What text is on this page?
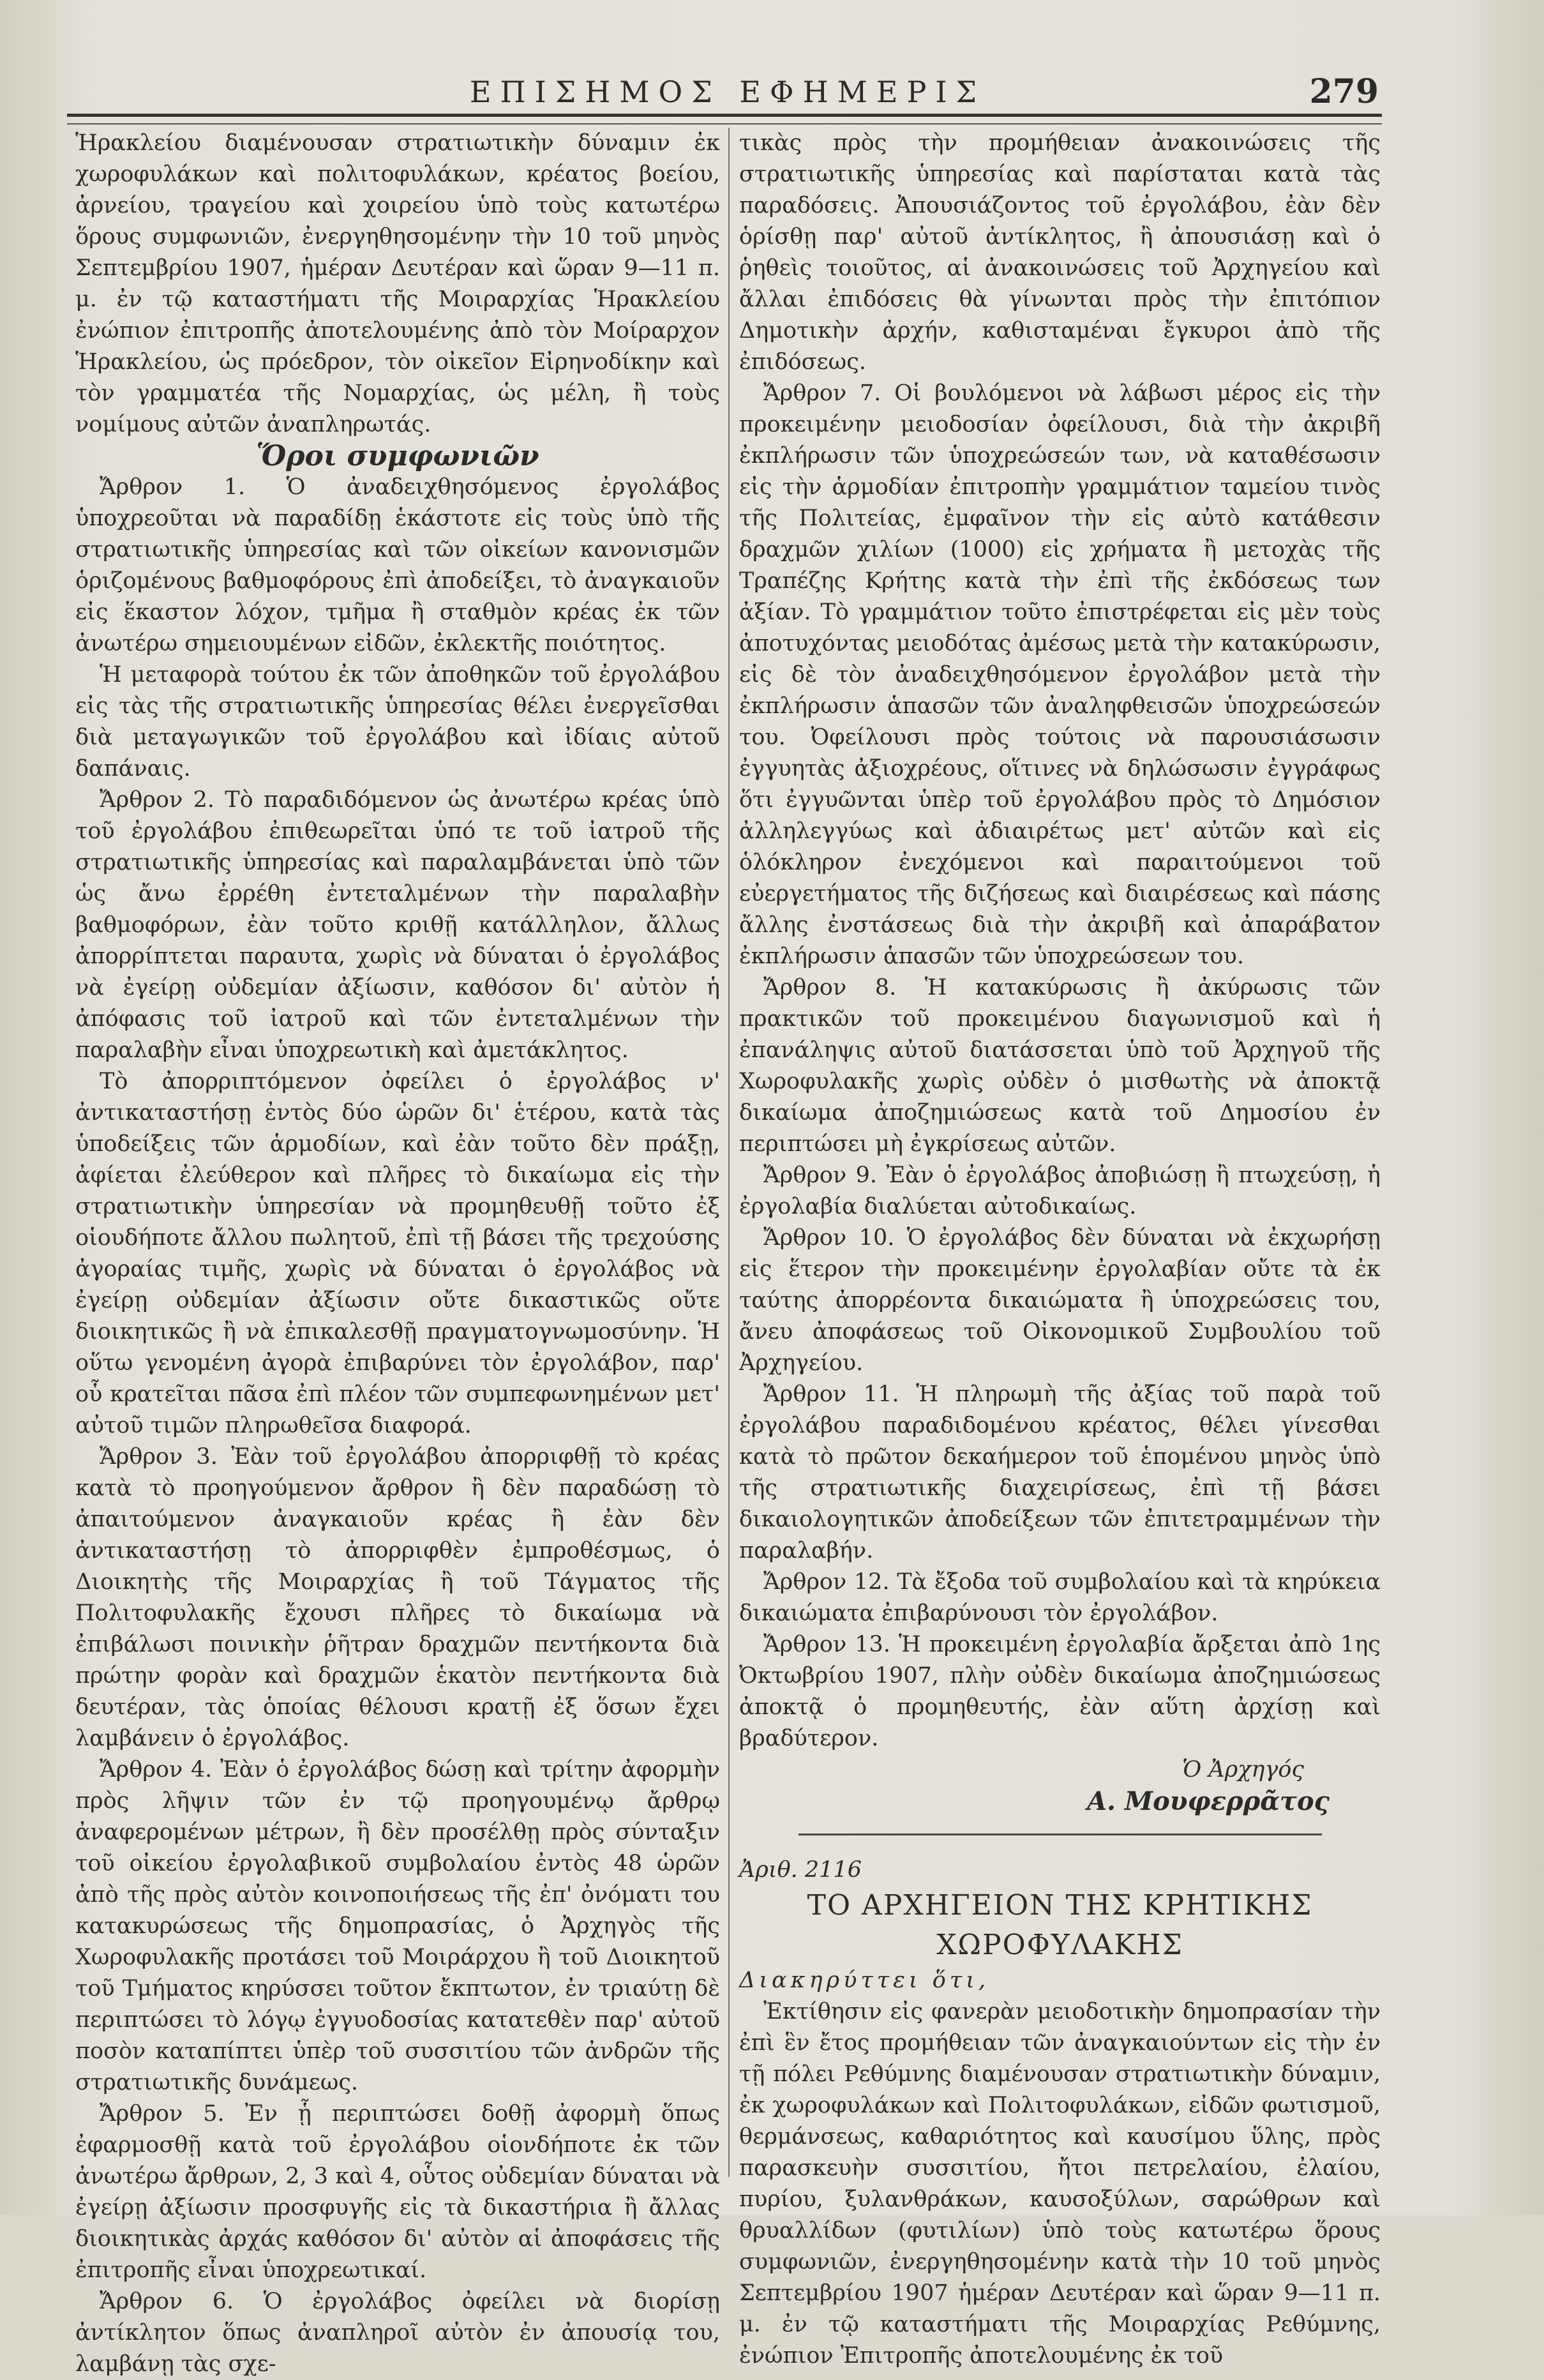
ΕΠΙΣΗΜΟΣ ΕΦΗΜΕΡΙΣ	279

Ἡρακλείου διαμένουσαν στρατιωτικὴν δύναμιν ἐκ χωροφυλάκων καὶ πολιτοφυλάκων, κρέατος βοείου, ἀρνείου, τραγείου καὶ χοιρείου ὑπὸ τοὺς κατωτέρω ὅρους συμφωνιῶν, ἐνεργηθησομένην τὴν 10 τοῦ μηνὸς Σεπτεμβρίου 1907, ἡμέραν Δευτέραν καὶ ὥραν 9—11 π. μ. ἐν τῷ καταστήματι τῆς Μοιραρχίας Ἡρακλείου ἐνώπιον ἐπιτροπῆς ἀποτελουμένης ἀπὸ τὸν Μοίραρχον Ἡρακλείου, ὡς πρόεδρον, τὸν οἰκεῖον Εἰρηνοδίκην καὶ τὸν γραμματέα τῆς Νομαρχίας, ὡς μέλη, ἢ τοὺς νομίμους αὐτῶν ἀναπληρωτάς.

Ὅροι συμφωνιῶν

Ἄρθρον 1. Ὁ ἀναδειχθησόμενος ἐργολάβος ὑποχρεοῦται νὰ παραδίδῃ ἑκάστοτε εἰς τοὺς ὑπὸ τῆς στρατιωτικῆς ὑπηρεσίας καὶ τῶν οἰκείων κανονισμῶν ὁριζομένους βαθμοφόρους ἐπὶ ἀποδείξει, τὸ ἀναγκαιοῦν εἰς ἕκαστον λόχον, τμῆμα ἢ σταθμὸν κρέας ἐκ τῶν ἀνωτέρω σημειουμένων εἰδῶν, ἐκλεκτῆς ποιότητος.

Ἡ μεταφορὰ τούτου ἐκ τῶν ἀποθηκῶν τοῦ ἐργολάβου εἰς τὰς τῆς στρατιωτικῆς ὑπηρεσίας θέλει ἐνεργεῖσθαι διὰ μεταγωγικῶν τοῦ ἐργολάβου καὶ ἰδίαις αὐτοῦ δαπάναις.

Ἄρθρον 2. Τὸ παραδιδόμενον ὡς ἀνωτέρω κρέας ὑπὸ τοῦ ἐργολάβου ἐπιθεωρεῖται ὑπό τε τοῦ ἰατροῦ τῆς στρατιωτικῆς ὑπηρεσίας καὶ παραλαμβάνεται ὑπὸ τῶν ὡς ἄνω ἐρρέθη ἐντεταλμένων τὴν παραλαβὴν βαθμοφόρων, ἐὰν τοῦτο κριθῇ κατάλληλον, ἄλλως ἀπορρίπτεται παραυτα, χωρὶς νὰ δύναται ὁ ἐργολάβος νὰ ἐγείρῃ οὐδεμίαν ἀξίωσιν, καθόσον δι' αὐτὸν ἡ ἀπόφασις τοῦ ἰατροῦ καὶ τῶν ἐντεταλμένων τὴν παραλαβὴν εἶναι ὑποχρεωτικὴ καὶ ἀμετάκλητος.

Τὸ ἀπορριπτόμενον ὀφείλει ὁ ἐργολάβος ν' ἀντικαταστήσῃ ἐντὸς δύο ὡρῶν δι' ἑτέρου, κατὰ τὰς ὑποδείξεις τῶν ἁρμοδίων, καὶ ἐὰν τοῦτο δὲν πράξῃ, ἀφίεται ἐλεύθερον καὶ πλῆρες τὸ δικαίωμα εἰς τὴν στρατιωτικὴν ὑπηρεσίαν νὰ προμηθευθῇ τοῦτο ἐξ οἱουδήποτε ἄλλου πωλητοῦ, ἐπὶ τῇ βάσει τῆς τρεχούσης ἀγοραίας τιμῆς, χωρὶς νὰ δύναται ὁ ἐργολάβος νὰ ἐγείρῃ οὐδεμίαν ἀξίωσιν οὔτε δικαστικῶς οὔτε διοικητικῶς ἢ νὰ ἐπικαλεσθῇ πραγματογνωμοσύνην. Ἡ οὕτω γενομένη ἀγορὰ ἐπιβαρύνει τὸν ἐργολάβον, παρ' οὗ κρατεῖται πᾶσα ἐπὶ πλέον τῶν συμπεφωνημένων μετ' αὐτοῦ τιμῶν πληρωθεῖσα διαφορά.

Ἄρθρον 3. Ἐὰν τοῦ ἐργολάβου ἀπορριφθῇ τὸ κρέας κατὰ τὸ προηγούμενον ἄρθρον ἢ δὲν παραδώσῃ τὸ ἀπαιτούμενον ἀναγκαιοῦν κρέας ἢ ἐὰν δὲν ἀντικαταστήσῃ τὸ ἀπορριφθὲν ἐμπροθέσμως, ὁ Διοικητὴς τῆς Μοιραρχίας ἢ τοῦ Τάγματος τῆς Πολιτοφυλακῆς ἔχουσι πλῆρες τὸ δικαίωμα νὰ ἐπιβάλωσι ποινικὴν ῥῆτραν δραχμῶν πεντήκοντα διὰ πρώτην φορὰν καὶ δραχμῶν ἑκατὸν πεντήκοντα διὰ δευτέραν, τὰς ὁποίας θέλουσι κρατῇ ἐξ ὅσων ἔχει λαμβάνειν ὁ ἐργολάβος.

Ἄρθρον 4. Ἐὰν ὁ ἐργολάβος δώσῃ καὶ τρίτην ἀφορμὴν πρὸς λῆψιν τῶν ἐν τῷ προηγουμένῳ ἄρθρῳ ἀναφερομένων μέτρων, ἢ δὲν προσέλθῃ πρὸς σύνταξιν τοῦ οἰκείου ἐργολαβικοῦ συμβολαίου ἐντὸς 48 ὡρῶν ἀπὸ τῆς πρὸς αὐτὸν κοινοποιήσεως τῆς ἐπ' ὀνόματι του κατακυρώσεως τῆς δημοπρασίας, ὁ Ἀρχηγὸς τῆς Χωροφυλακῆς προτάσει τοῦ Μοιράρχου ἢ τοῦ Διοικητοῦ τοῦ Τμήματος κηρύσσει τοῦτον ἔκπτωτον, ἐν τριαύτῃ δὲ περιπτώσει τὸ λόγῳ ἐγγυοδοσίας κατατεθὲν παρ' αὐτοῦ ποσὸν καταπίπτει ὑπὲρ τοῦ συσσιτίου τῶν ἀνδρῶν τῆς στρατιωτικῆς δυνάμεως.

Ἄρθρον 5. Ἐν ᾗ περιπτώσει δοθῇ ἀφορμὴ ὅπως ἐφαρμοσθῇ κατὰ τοῦ ἐργολάβου οἱονδήποτε ἐκ τῶν ἀνωτέρω ἄρθρων, 2, 3 καὶ 4, οὗτος οὐδεμίαν δύναται νὰ ἐγείρῃ ἀξίωσιν προσφυγῆς εἰς τὰ δικαστήρια ἢ ἄλλας διοικητικὰς ἀρχάς καθόσον δι' αὐτὸν αἱ ἀποφάσεις τῆς ἐπιτροπῆς εἶναι ὑποχρεωτικαί.

Ἄρθρον 6. Ὁ ἐργολάβος ὀφείλει νὰ διορίσῃ ἀντίκλητον ὅπως ἀναπληροῖ αὐτὸν ἐν ἀπουσίᾳ του, λαμβάνῃ τὰς σχε-

τικὰς πρὸς τὴν προμήθειαν ἀνακοινώσεις τῆς στρατιωτικῆς ὑπηρεσίας καὶ παρίσταται κατὰ τὰς παραδόσεις. Ἀπουσιάζοντος τοῦ ἐργολάβου, ἐὰν δὲν ὁρίσθῃ παρ' αὐτοῦ ἀντίκλητος, ἢ ἀπουσιάσῃ καὶ ὁ ῥηθεὶς τοιοῦτος, αἱ ἀνακοινώσεις τοῦ Ἀρχηγείου καὶ ἄλλαι ἐπιδόσεις θὰ γίνωνται πρὸς τὴν ἐπιτόπιον Δημοτικὴν ἀρχήν, καθισταμέναι ἔγκυροι ἀπὸ τῆς ἐπιδόσεως.

Ἄρθρον 7. Οἱ βουλόμενοι νὰ λάβωσι μέρος εἰς τὴν προκειμένην μειοδοσίαν ὀφείλουσι, διὰ τὴν ἀκριβῆ ἐκπλήρωσιν τῶν ὑποχρεώσεών των, νὰ καταθέσωσιν εἰς τὴν ἁρμοδίαν ἐπιτροπὴν γραμμάτιον ταμείου τινὸς τῆς Πολιτείας, ἐμφαῖνον τὴν εἰς αὐτὸ κατάθεσιν δραχμῶν χιλίων (1000) εἰς χρήματα ἢ μετοχὰς τῆς Τραπέζης Κρήτης κατὰ τὴν ἐπὶ τῆς ἐκδόσεως των ἀξίαν. Τὸ γραμμάτιον τοῦτο ἐπιστρέφεται εἰς μὲν τοὺς ἀποτυχόντας μειοδότας ἀμέσως μετὰ τὴν κατακύρωσιν, εἰς δὲ τὸν ἀναδειχθησόμενον ἐργολάβον μετὰ τὴν ἐκπλήρωσιν ἁπασῶν τῶν ἀναληφθεισῶν ὑποχρεώσεών του. Ὀφείλουσι πρὸς τούτοις νὰ παρουσιάσωσιν ἐγγυητὰς ἀξιοχρέους, οἵτινες νὰ δηλώσωσιν ἐγγράφως ὅτι ἐγγυῶνται ὑπὲρ τοῦ ἐργολάβου πρὸς τὸ Δημόσιον ἀλληλεγγύως καὶ ἀδιαιρέτως μετ' αὐτῶν καὶ εἰς ὁλόκληρον ἐνεχόμενοι καὶ παραιτούμενοι τοῦ εὐεργετήματος τῆς διζήσεως καὶ διαιρέσεως καὶ πάσης ἄλλης ἐνστάσεως διὰ τὴν ἀκριβῆ καὶ ἀπαράβατον ἐκπλήρωσιν ἁπασῶν τῶν ὑποχρεώσεων του.

Ἄρθρον 8. Ἡ κατακύρωσις ἢ ἀκύρωσις τῶν πρακτικῶν τοῦ προκειμένου διαγωνισμοῦ καὶ ἡ ἐπανάληψις αὐτοῦ διατάσσεται ὑπὸ τοῦ Ἀρχηγοῦ τῆς Χωροφυλακῆς χωρὶς οὐδὲν ὁ μισθωτὴς νὰ ἀποκτᾷ δικαίωμα ἀποζημιώσεως κατὰ τοῦ Δημοσίου ἐν περιπτώσει μὴ ἐγκρίσεως αὐτῶν.

Ἄρθρον 9. Ἐὰν ὁ ἐργολάβος ἀποβιώσῃ ἢ πτωχεύσῃ, ἡ ἐργολαβία διαλύεται αὐτοδικαίως.

Ἄρθρον 10. Ὁ ἐργολάβος δὲν δύναται νὰ ἐκχωρήσῃ εἰς ἕτερον τὴν προκειμένην ἐργολαβίαν οὔτε τὰ ἐκ ταύτης ἀπορρέοντα δικαιώματα ἢ ὑποχρεώσεις του, ἄνευ ἀποφάσεως τοῦ Οἰκονομικοῦ Συμβουλίου τοῦ Ἀρχηγείου.

Ἄρθρον 11. Ἡ πληρωμὴ τῆς ἀξίας τοῦ παρὰ τοῦ ἐργολάβου παραδιδομένου κρέατος, θέλει γίνεσθαι κατὰ τὸ πρῶτον δεκαήμερον τοῦ ἑπομένου μηνὸς ὑπὸ τῆς στρατιωτικῆς διαχειρίσεως, ἐπὶ τῇ βάσει δικαιολογητικῶν ἀποδείξεων τῶν ἐπιτετραμμένων τὴν παραλαβήν.

Ἄρθρον 12. Τὰ ἔξοδα τοῦ συμβολαίου καὶ τὰ κηρύκεια δικαιώματα ἐπιβαρύνουσι τὸν ἐργολάβον.

Ἄρθρον 13. Ἡ προκειμένη ἐργολαβία ἄρξεται ἀπὸ 1ης Ὀκτωβρίου 1907, πλὴν οὐδὲν δικαίωμα ἀποζημιώσεως ἀποκτᾷ ὁ προμηθευτής, ἐὰν αὕτη ἀρχίσῃ καὶ βραδύτερον.

Ὁ Ἀρχηγός

Α. Μουφερρᾶτος

Ἀριθ. 2116

ΤΟ ΑΡΧΗΓΕΙΟΝ ΤΗΣ ΚΡΗΤΙΚΗΣ
ΧΩΡΟΦΥΛΑΚΗΣ

Διακηρύττει ὅτι,

Ἐκτίθησιν εἰς φανερὰν μειοδοτικὴν δημοπρασίαν τὴν ἐπὶ ἓν ἔτος προμήθειαν τῶν ἀναγκαιούντων εἰς τὴν ἐν τῇ πόλει Ρεθύμνης διαμένουσαν στρατιωτικὴν δύναμιν, ἐκ χωροφυλάκων καὶ Πολιτοφυλάκων, εἰδῶν φωτισμοῦ, θερμάνσεως, καθαριότητος καὶ καυσίμου ὕλης, πρὸς παρασκευὴν συσσιτίου, ἤτοι πετρελαίου, ἐλαίου, πυρίου, ξυλανθράκων, καυσοξύλων, σαρώθρων καὶ θρυαλλίδων (φυτιλίων) ὑπὸ τοὺς κατωτέρω ὅρους συμφωνιῶν, ἐνεργηθησομένην κατὰ τὴν 10 τοῦ μηνὸς Σεπτεμβρίου 1907 ἡμέραν Δευτέραν καὶ ὥραν 9—11 π. μ. ἐν τῷ καταστήματι τῆς Μοιραρχίας Ρεθύμνης, ἐνώπιον Ἐπιτροπῆς ἀποτελουμένης ἐκ τοῦ
